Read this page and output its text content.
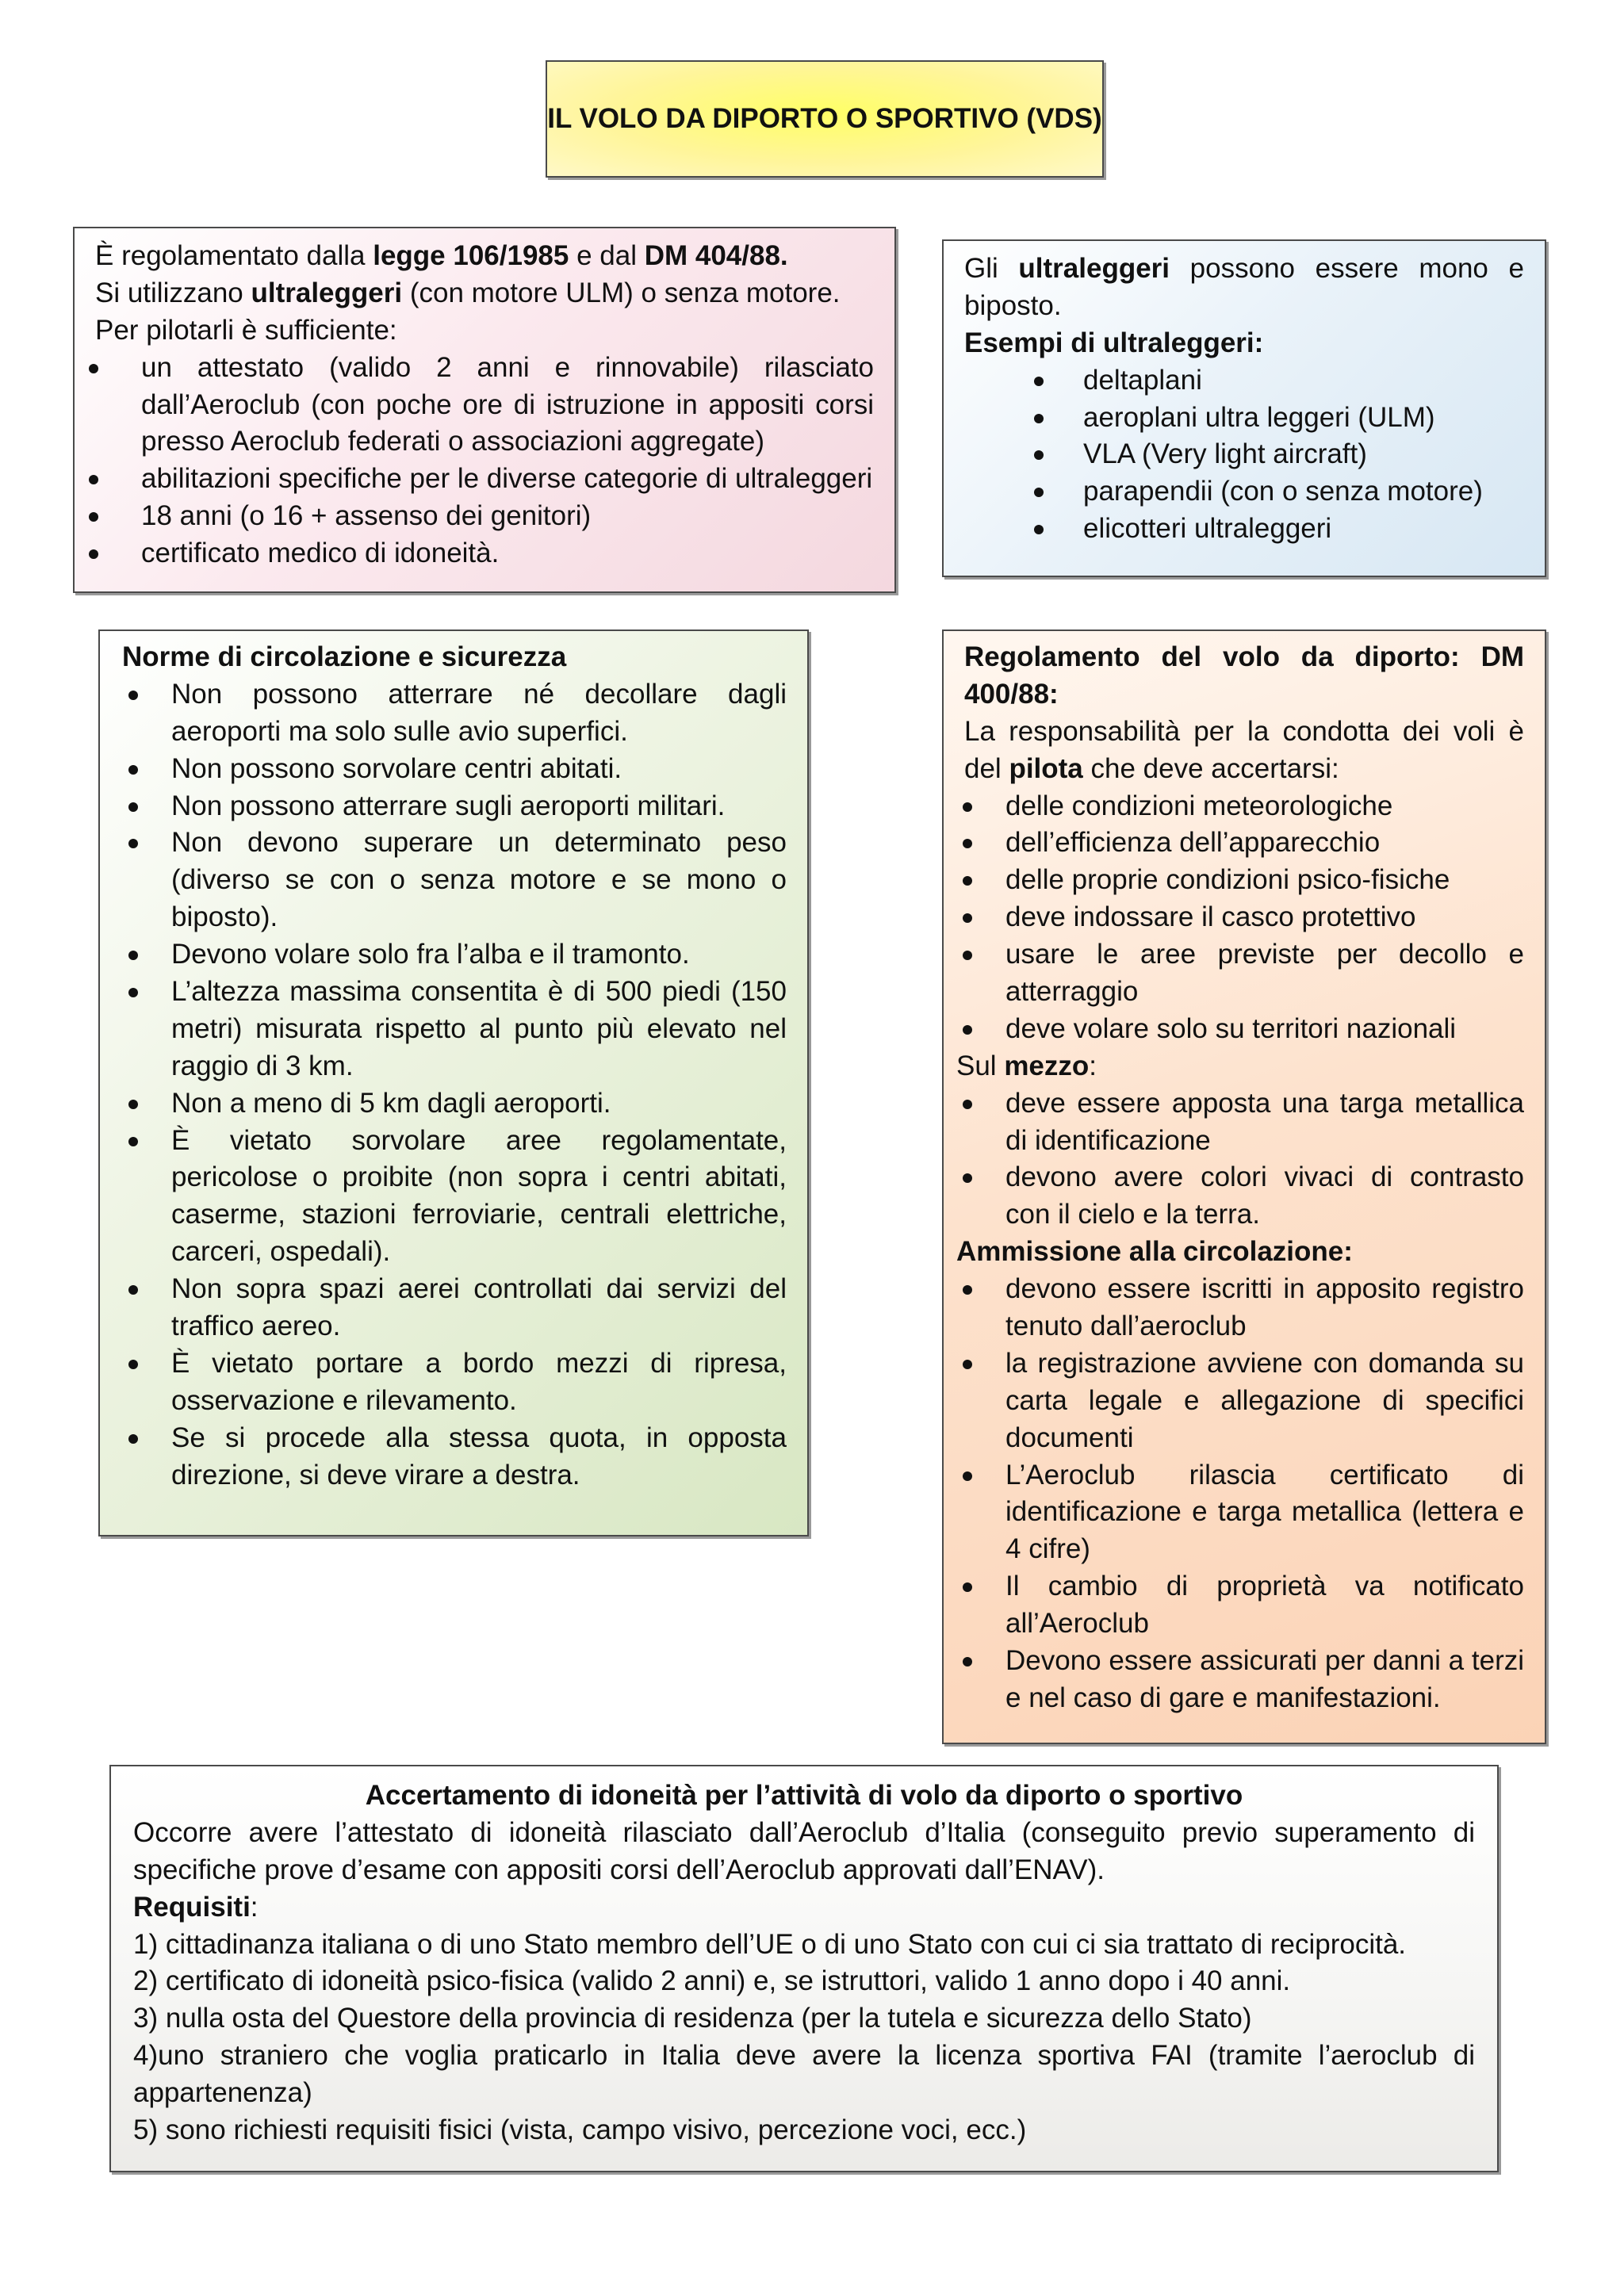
IL VOLO DA DIPORTO O SPORTIVO (VDS)

È regolamentato dalla legge 106/1985 e dal DM 404/88.

Si utilizzano ultraleggeri (con motore ULM) o senza motore.

Per pilotarli è sufficiente:

un attestato (valido 2 anni e rinnovabile) rilasciato dall’Aeroclub (con poche ore di istruzione in appositi corsi presso Aeroclub federati o associazioni aggregate)
abilitazioni specifiche per le diverse categorie di ultraleggeri
18 anni (o 16 + assenso dei genitori)
certificato medico di idoneità.

Gli ultraleggeri possono essere mono e biposto.

Esempi di ultraleggeri:

deltaplani
aeroplani ultra leggeri (ULM)
VLA (Very light aircraft)
parapendii (con o senza motore)
elicotteri ultraleggeri

Norme di circolazione e sicurezza

Non possono atterrare né decollare dagli aeroporti ma solo sulle avio superfici.
Non possono sorvolare centri abitati.
Non possono atterrare sugli aeroporti militari.
Non devono superare un determinato peso (diverso se con o senza motore e se mono o biposto).
Devono volare solo fra l’alba e il tramonto.
L’altezza massima consentita è di 500 piedi (150 metri) misurata rispetto al punto più elevato nel raggio di 3 km.
Non a meno di 5 km dagli aeroporti.
È vietato sorvolare aree regolamentate, pericolose o proibite (non sopra i centri abitati, caserme, stazioni ferroviarie, centrali elettriche, carceri, ospedali).
Non sopra spazi aerei controllati dai servizi del traffico aereo.
È vietato portare a bordo mezzi di ripresa, osservazione e rilevamento.
Se si procede alla stessa quota, in opposta direzione, si deve virare a destra.

Regolamento del volo da diporto: DM 400/88:

La responsabilità per la condotta dei voli è del pilota che deve accertarsi:

delle condizioni meteorologiche
dell’efficienza dell’apparecchio
delle proprie condizioni psico-fisiche
deve indossare il casco protettivo
usare le aree previste per decollo e atterraggio
deve volare solo su territori nazionali

Sul mezzo:

deve essere apposta una targa metallica di identificazione
devono avere colori vivaci di contrasto con il cielo e la terra.

Ammissione alla circolazione:

devono essere iscritti in apposito registro tenuto dall’aeroclub
la registrazione avviene con domanda su carta legale e allegazione di specifici documenti
L’Aeroclub rilascia certificato di identificazione e targa metallica (lettera e 4 cifre)
Il cambio di proprietà va notificato all’Aeroclub
Devono essere assicurati per danni a terzi e nel caso di gare e manifestazioni.

Accertamento di idoneità per l’attività di volo da diporto o sportivo

Occorre avere l’attestato di idoneità rilasciato dall’Aeroclub d’Italia (conseguito previo superamento di specifiche prove d’esame con appositi corsi dell’Aeroclub approvati dall’ENAV).

Requisiti:

1) cittadinanza italiana o di uno Stato membro dell’UE o di uno Stato con cui ci sia trattato di reciprocità.

2) certificato di idoneità psico-fisica (valido 2 anni) e, se istruttori, valido 1 anno dopo i 40 anni.

3) nulla osta del Questore della provincia di residenza (per la tutela e sicurezza dello Stato)

4)uno straniero che voglia praticarlo in Italia deve avere la licenza sportiva FAI (tramite l’aeroclub di appartenenza)

5) sono richiesti requisiti fisici (vista, campo visivo, percezione voci, ecc.)
